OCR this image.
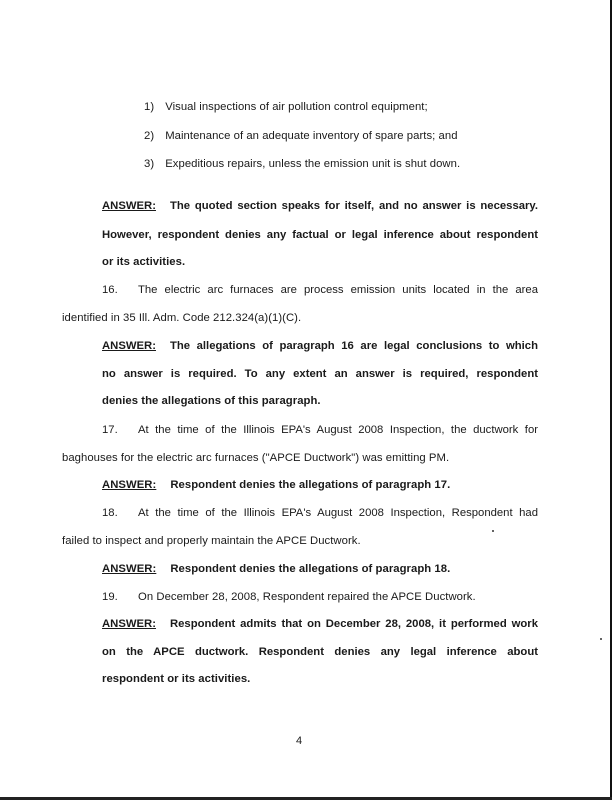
1) Visual inspections of air pollution control equipment;
2) Maintenance of an adequate inventory of spare parts; and
3) Expeditious repairs, unless the emission unit is shut down.
ANSWER: The quoted section speaks for itself, and no answer is necessary.
However, respondent denies any factual or legal inference about respondent
or its activities.
16. The electric arc furnaces are process emission units located in the area
identified in 35 Ill. Adm. Code 212.324(a)(1)(C).
ANSWER: The allegations of paragraph 16 are legal conclusions to which
no answer is required. To any extent an answer is required, respondent
denies the allegations of this paragraph.
17. At the time of the Illinois EPA's August 2008 Inspection, the ductwork for
baghouses for the electric arc furnaces ("APCE Ductwork") was emitting PM.
ANSWER: Respondent denies the allegations of paragraph 17.
18. At the time of the Illinois EPA's August 2008 Inspection, Respondent had
failed to inspect and properly maintain the APCE Ductwork.
ANSWER: Respondent denies the allegations of paragraph 18.
19. On December 28, 2008, Respondent repaired the APCE Ductwork.
ANSWER: Respondent admits that on December 28, 2008, it performed work
on the APCE ductwork. Respondent denies any legal inference about
respondent or its activities.
4
